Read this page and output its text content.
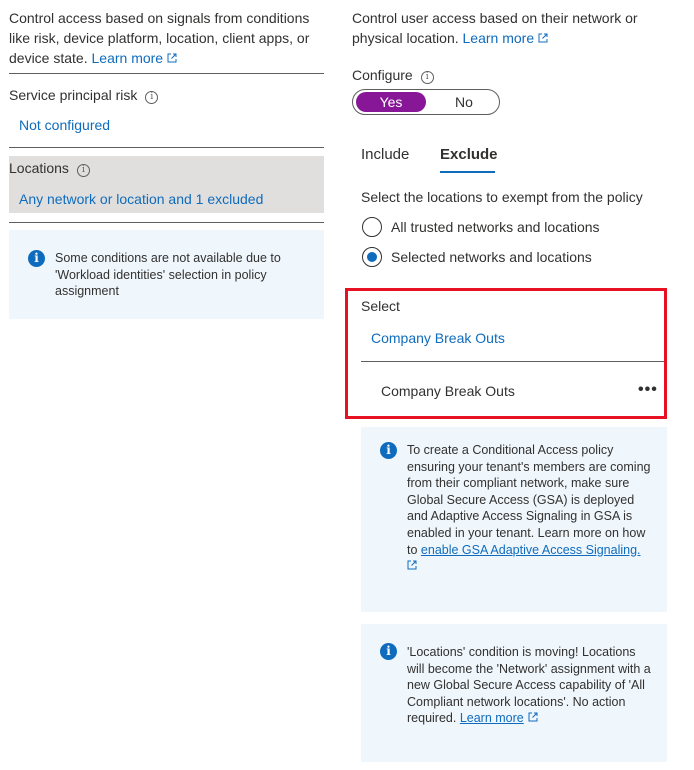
Control access based on signals from conditions like risk, device platform, location, client apps, or device state. Learn more
Service principal risk i
Not configured
Locations i
Any network or location and 1 excluded
i	Some conditions are not available due to 'Workload identities' selection in policy assignment
Control user access based on their network or physical location. Learn more
Configure i
Yes	No
Include Exclude
Select the locations to exempt from the policy
All trusted networks and locations
Selected networks and locations
Select
Company Break Outs
Company Break Outs	•••
i	To create a Conditional Access policy ensuring your tenant's members are coming from their compliant network, make sure Global Secure Access (GSA) is deployed and Adaptive Access Signaling in GSA is enabled in your tenant. Learn more on how to enable GSA Adaptive Access Signaling.

i	'Locations' condition is moving! Locations will become the 'Network' assignment with a new Global Secure Access capability of 'All Compliant network locations'. No action required. Learn more
